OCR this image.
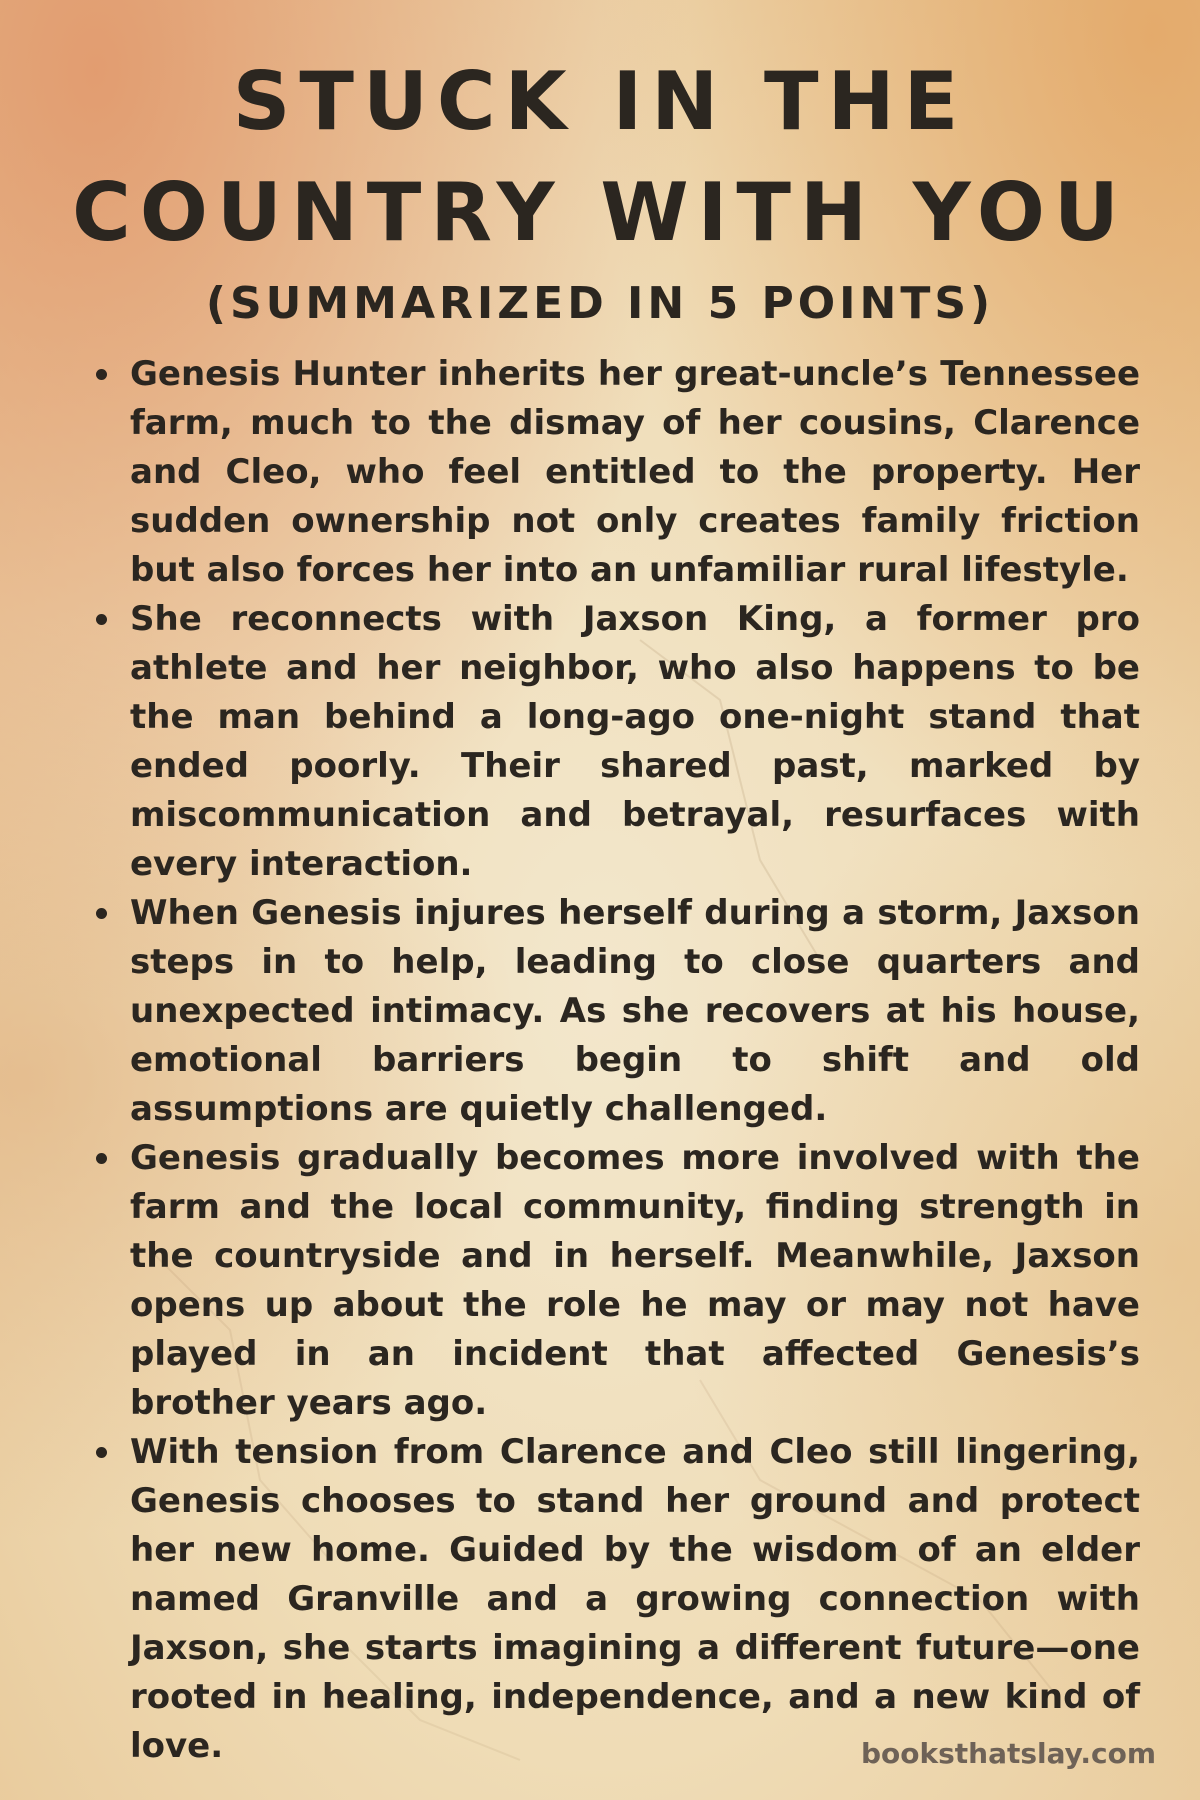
STUCK IN THE
COUNTRY WITH YOU
(SUMMARIZED IN 5 POINTS)
Genesis Hunter inherits her great-uncle’s Tennessee farm, much to the dismay of her cousins, Clarence and Cleo, who feel entitled to the property. Her sudden ownership not only creates family friction but also forces her into an unfamiliar rural lifestyle.
She reconnects with Jaxson King, a former pro athlete and her neighbor, who also happens to be the man behind a long-ago one-night stand that ended poorly. Their shared past, marked by miscommunication and betrayal, resurfaces with every interaction.
When Genesis injures herself during a storm, Jaxson steps in to help, leading to close quarters and unexpected intimacy. As she recovers at his house, emotional barriers begin to shift and old assumptions are quietly challenged.
Genesis gradually becomes more involved with the farm and the local community, finding strength in the countryside and in herself. Meanwhile, Jaxson opens up about the role he may or may not have played in an incident that affected Genesis’s brother years ago.
With tension from Clarence and Cleo still lingering, Genesis chooses to stand her ground and protect her new home. Guided by the wisdom of an elder named Granville and a growing connection with Jaxson, she starts imagining a different future—one rooted in healing, independence, and a new kind of love.	booksthatslay.com
